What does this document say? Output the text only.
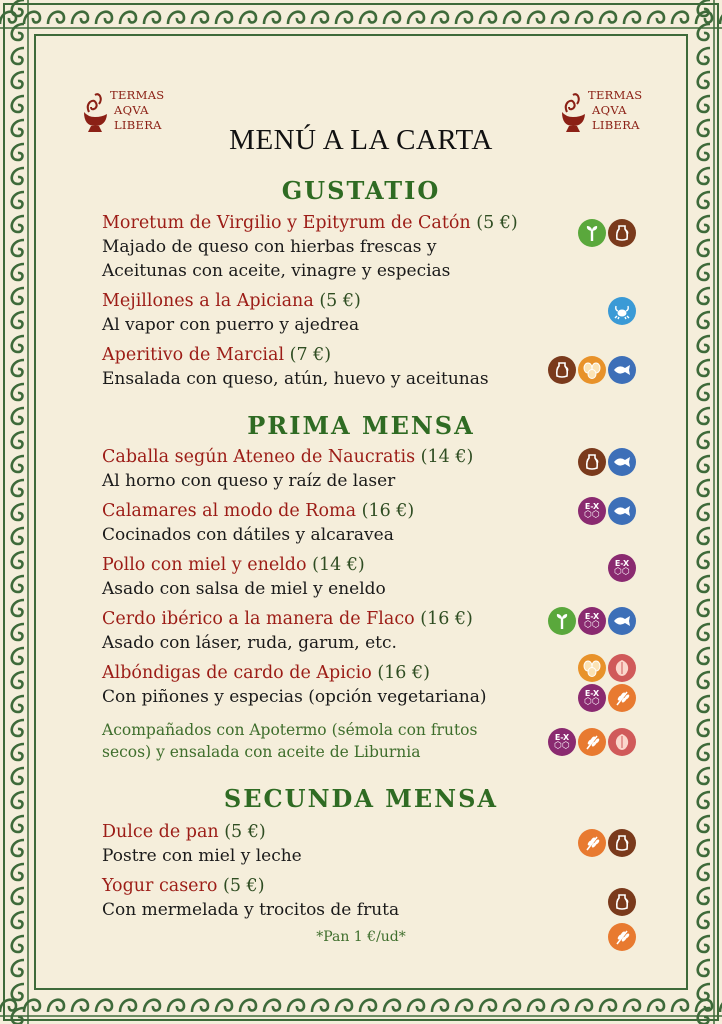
TERMAS
AQVA
LIBERA
TERMAS
AQVA
LIBERA
MENÚ A LA CARTA
GUSTATIO
Moretum de Virgilio y Epityrum de Catón (5 €)
Majado de queso con hierbas frescas y
Aceitunas con aceite, vinagre y especias
Mejillones a la Apiciana (5 €)
Al vapor con puerro y ajedrea
Aperitivo de Marcial (7 €)
Ensalada con queso, atún, huevo y aceitunas
PRIMA MENSA
Caballa según Ateneo de Naucratis (14 €)
Al horno con queso y raíz de laser
Calamares al modo de Roma (16 €)
Cocinados con dátiles y alcaravea
E-X
⬡⬡
Pollo con miel y eneldo (14 €)
Asado con salsa de miel y eneldo
E-X
⬡⬡
Cerdo ibérico a la manera de Flaco (16 €)
Asado con láser, ruda, garum, etc.
E-X
⬡⬡
Albóndigas de cardo de Apicio (16 €)
Con piñones y especias (opción vegetariana)	E-X
⬡⬡
Acompañados con Apotermo (sémola con frutos
secos) y ensalada con aceite de Liburnia
E-X
⬡⬡
SECUNDA MENSA
Dulce de pan (5 €)
Postre con miel y leche
Yogur casero (5 €)
Con mermelada y trocitos de fruta
*Pan 1 €/ud*
